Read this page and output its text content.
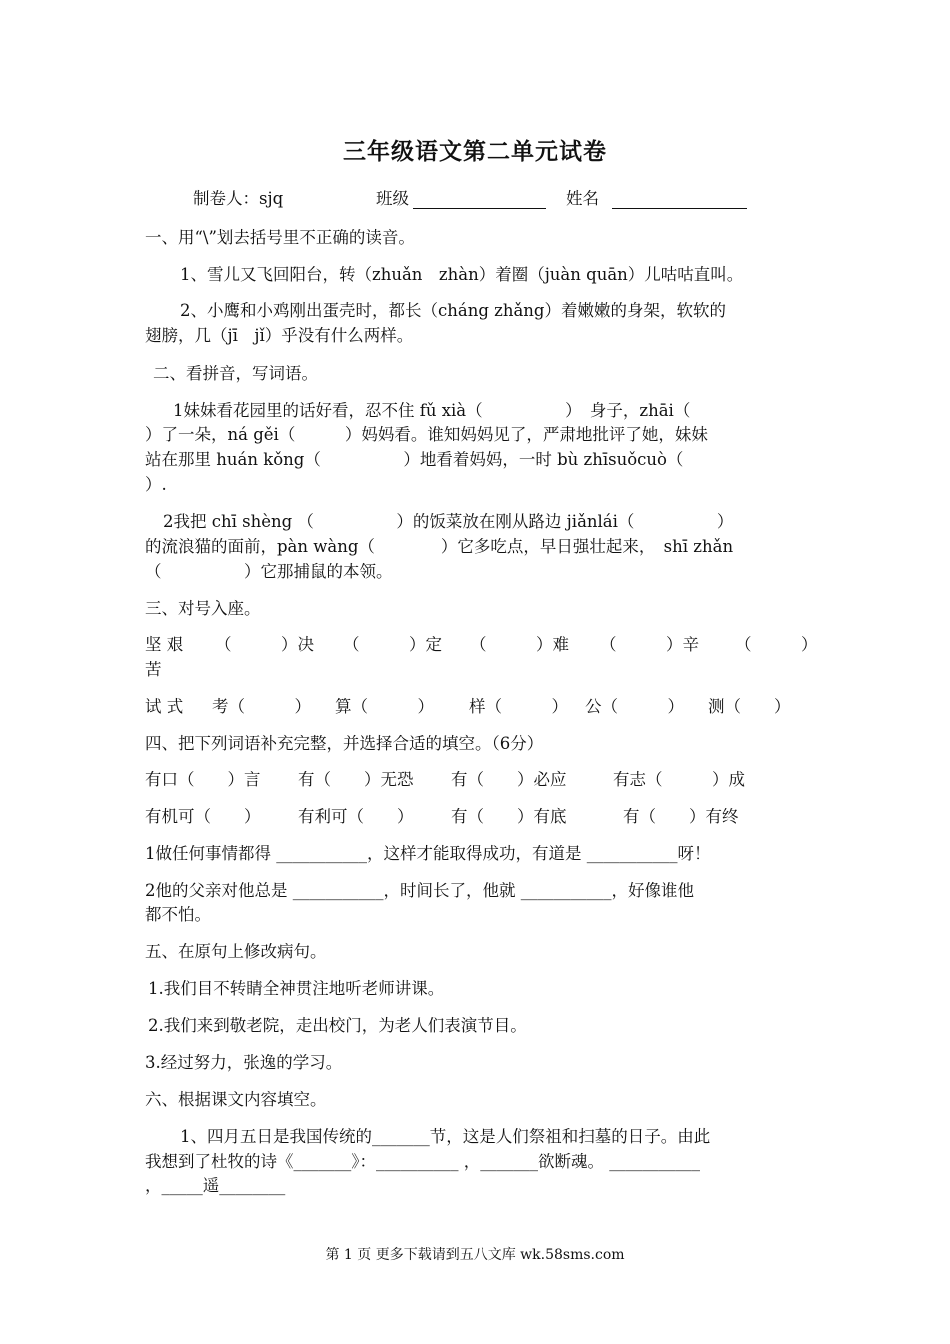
三年级语文第二单元试卷
制卷人：sjq	班级	姓名
一、用“\”划去括号里不正确的读音。
1、雪儿又飞回阳台，转（zhuǎn　zhàn）着圈（juàn quān）儿咕咕直叫。
2、小鹰和小鸡刚出蛋壳时，都长（cháng zhǎng）着嫩嫩的身架，软软的
翅膀，几（jī　jǐ）乎没有什么两样。
二、看拼音，写词语。
1妹妹看花园里的话好看，忍不住 fǔ xià（　　　　　）　身子，zhāi（
）了一朵，ná gěi（　　　）妈妈看。谁知妈妈见了，严肃地批评了她，妹妹
站在那里 huán kǒng（　　　　　）地看着妈妈，一时 bù zhīsuǒcuò（
）.
2我把 chī shèng （　　　　　）的饭菜放在刚从路边 jiǎnlái（　　　　　）
的流浪猫的面前，pàn wàng（　　　　）它多吃点，早日强壮起来，　shī zhǎn
（　　　　　）它那捕鼠的本领。
三、对号入座。
坚 艰 （　　　）决 （　　　）定 （　　　）难 （　　　）辛 （　　　）
苦
试 式 考（　　　） 算（　　　） 样（　　　） 公（　　　） 测（　　）
四、把下列词语补充完整，并选择合适的填空。（6分）
有口（　　）言 有（　　）无恐 有（　　）必应	有志（　　　）成
有机可（　　） 有利可（　　） 有（　　）有底	有（　　）有终
1做任何事情都得 ___________，这样才能取得成功，有道是 ___________呀！
2他的父亲对他总是 ___________，时间长了，他就 ___________，好像谁他
都不怕。
五、在原句上修改病句。
1.我们目不转睛全神贯注地听老师讲课。
2.我们来到敬老院，走出校门，为老人们表演节目。
3.经过努力，张逸的学习。
六、根据课文内容填空。
1、四月五日是我国传统的_______节，这是人们祭祖和扫墓的日子。由此
我想到了杜牧的诗《_______》：__________ ，_______欲断魂。 ___________
，_____遥________
第 1 页 更多下载请到五八文库 wk.58sms.com
